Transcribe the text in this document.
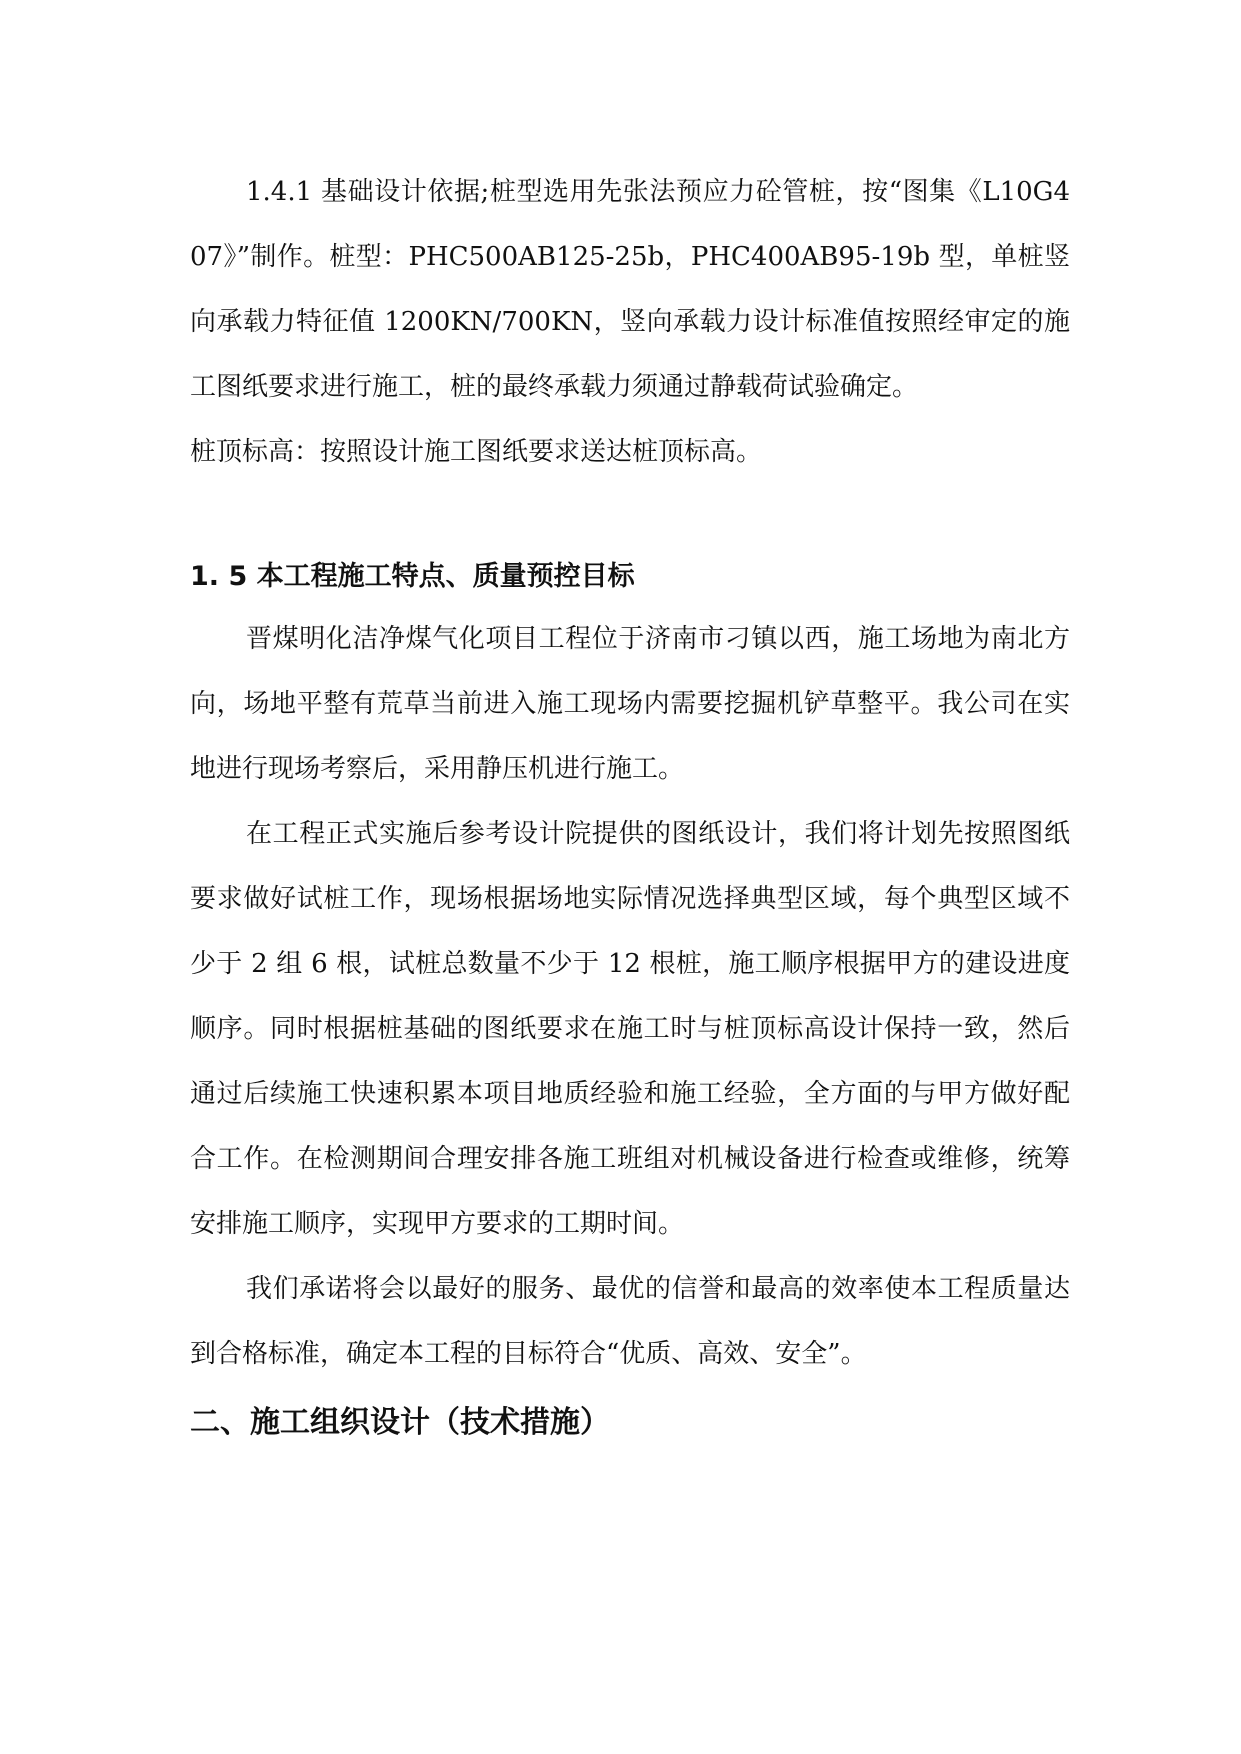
1.4.1 基础设计依据;桩型选用先张法预应力砼管桩，按“图集《L10G407》”制作。桩型：PHC500AB125-25b，PHC400AB95-19b 型，单桩竖向承载力特征值 1200KN/700KN，竖向承载力设计标准值按照经审定的施工图纸要求进行施工，桩的最终承载力须通过静载荷试验确定。

桩顶标高：按照设计施工图纸要求送达桩顶标高。

1. 5 本工程施工特点、质量预控目标

晋煤明化洁净煤气化项目工程位于济南市刁镇以西，施工场地为南北方向，场地平整有荒草当前进入施工现场内需要挖掘机铲草整平。我公司在实地进行现场考察后，采用静压机进行施工。

在工程正式实施后参考设计院提供的图纸设计，我们将计划先按照图纸要求做好试桩工作，现场根据场地实际情况选择典型区域，每个典型区域不少于 2 组 6 根，试桩总数量不少于 12 根桩，施工顺序根据甲方的建设进度顺序。同时根据桩基础的图纸要求在施工时与桩顶标高设计保持一致，然后通过后续施工快速积累本项目地质经验和施工经验，全方面的与甲方做好配合工作。在检测期间合理安排各施工班组对机械设备进行检查或维修，统筹安排施工顺序，实现甲方要求的工期时间。

我们承诺将会以最好的服务、最优的信誉和最高的效率使本工程质量达到合格标准，确定本工程的目标符合“优质、高效、安全”。

二、施工组织设计（技术措施）
